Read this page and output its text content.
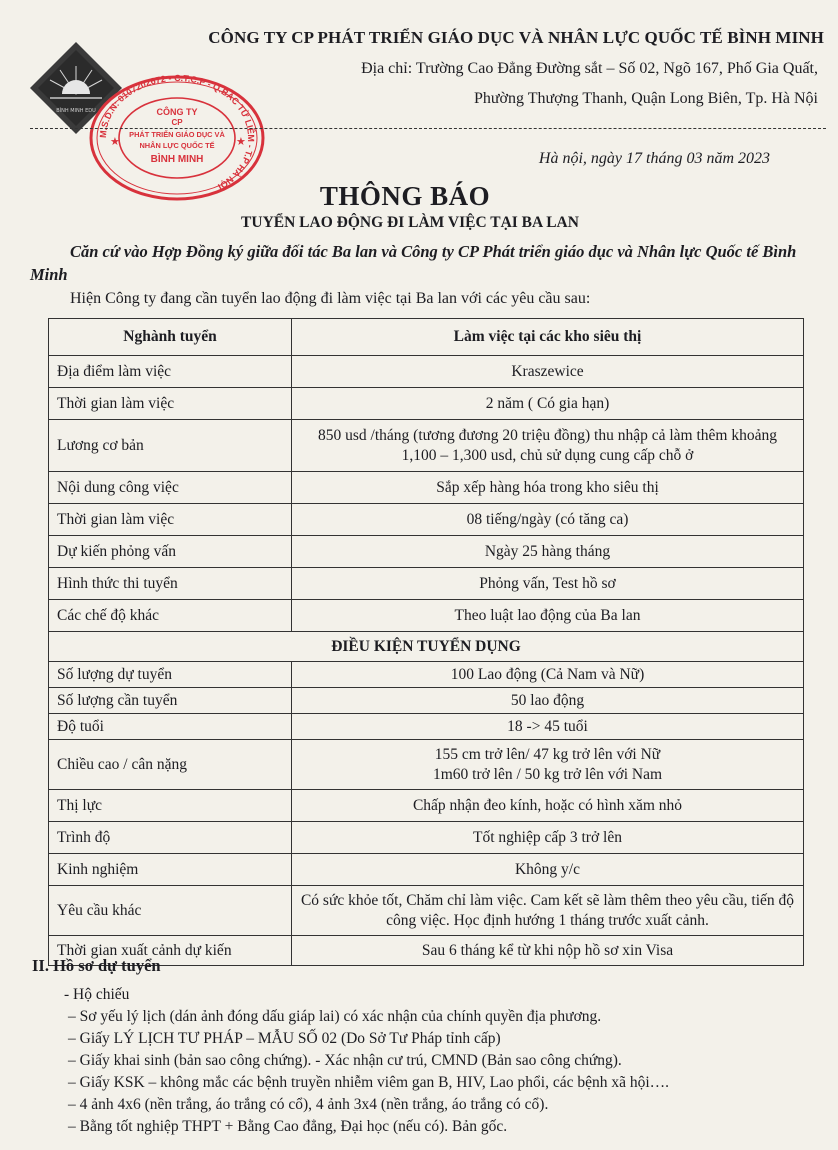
BÌNH MINH EDU
M.S.D.N: 0107202672 - C.T.C.P - Q.BẮC TỪ LIÊM - T.P HÀ NỘI
★	★
CÔNG TY
CP
PHÁT TRIỂN GIÁO DỤC VÀ
NHÂN LỰC QUỐC TẾ
BÌNH MINH
CÔNG TY CP PHÁT TRIỂN GIÁO DỤC VÀ NHÂN LỰC QUỐC TẾ BÌNH MINH
Địa chỉ: Trường Cao Đẳng Đường sắt – Số 02, Ngõ 167, Phố Gia Quất,
Phường Thượng Thanh, Quận Long Biên, Tp. Hà Nội
Hà nội, ngày 17 tháng 03 năm 2023
THÔNG BÁO
TUYỂN LAO ĐỘNG ĐI LÀM VIỆC TẠI BA LAN
Căn cứ vào Hợp Đồng ký giữa đối tác Ba lan và Công ty CP Phát triển giáo dục và Nhân lực Quốc tế Bình Minh
Hiện Công ty đang cần tuyển lao động đi làm việc tại Ba lan với các yêu cầu sau:
Nghành tuyển	Làm việc tại các kho siêu thị
Địa điểm làm việc	Kraszewice
Thời gian làm việc	2 năm ( Có gia hạn)
Lương cơ bản	850 usd /tháng (tương đương 20 triệu đồng) thu nhập cả làm thêm khoảng 1,100 – 1,300 usd, chủ sử dụng cung cấp chỗ ở
Nội dung công việc	Sắp xếp hàng hóa trong kho siêu thị
Thời gian làm việc	08 tiếng/ngày (có tăng ca)
Dự kiến phỏng vấn	Ngày 25 hàng tháng
Hình thức thi tuyển	Phỏng vấn, Test hồ sơ
Các chế độ khác	Theo luật lao động của Ba lan
ĐIỀU KIỆN TUYỂN DỤNG	
Số lượng dự tuyển	100 Lao động (Cả Nam và Nữ)
Số lượng cần tuyển	50 lao động
Độ tuổi	18 -> 45 tuổi
Chiều cao / cân nặng	155 cm trở lên/ 47 kg trở lên với Nữ
1m60 trở lên / 50 kg trở lên với Nam

Thị lực	Chấp nhận đeo kính, hoặc có hình xăm nhỏ
Trình độ	Tốt nghiệp cấp 3 trở lên
Kinh nghiệm	Không y/c
Yêu cầu khác	Có sức khỏe tốt, Chăm chỉ làm việc. Cam kết sẽ làm thêm theo yêu cầu, tiến độ công việc. Học định hướng 1 tháng trước xuất cảnh.
Thời gian xuất cảnh dự kiến	Sau 6 tháng kể từ khi nộp hồ sơ xin Visa
II. Hồ sơ dự tuyển
- Hộ chiếu
– Sơ yếu lý lịch (dán ảnh đóng dấu giáp lai) có xác nhận của chính quyền địa phương.
– Giấy LÝ LỊCH TƯ PHÁP – MẪU SỐ 02 (Do Sở Tư Pháp tỉnh cấp)
– Giấy khai sinh (bản sao công chứng). - Xác nhận cư trú, CMND (Bản sao công chứng).
– Giấy KSK – không mắc các bệnh truyền nhiễm viêm gan B, HIV, Lao phổi, các bệnh xã hội….
– 4 ảnh 4x6 (nền trắng, áo trắng có cổ), 4 ảnh 3x4 (nền trắng, áo trắng có cổ).
– Bằng tốt nghiệp THPT + Bằng Cao đẳng, Đại học (nếu có). Bản gốc.
